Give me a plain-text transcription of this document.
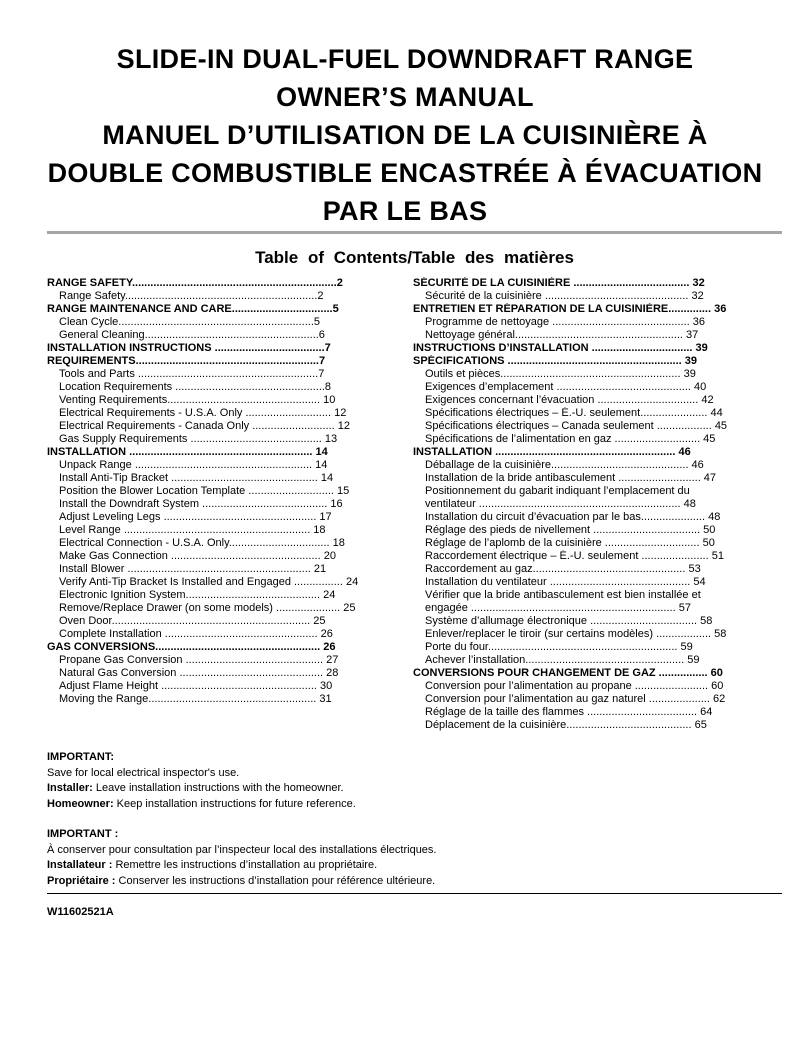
SLIDE-IN DUAL-FUEL DOWNDRAFT RANGE
OWNER’S MANUAL
MANUEL D’UTILISATION DE LA CUISINIÈRE À
DOUBLE COMBUSTIBLE ENCASTRÉE À ÉVACUATION
PAR LE BAS
Table of Contents/Table des matières
RANGE SAFETY...................................................................2
Range Safety...............................................................2
RANGE MAINTENANCE AND CARE.................................5
Clean Cycle................................................................5
General Cleaning.........................................................6
INSTALLATION INSTRUCTIONS ....................................7
REQUIREMENTS............................................................7
Tools and Parts ...........................................................7
Location Requirements .................................................8
Venting Requirements.................................................. 10
Electrical Requirements - U.S.A. Only ............................ 12
Electrical Requirements - Canada Only ........................... 12
Gas Supply Requirements ........................................... 13
INSTALLATION ............................................................ 14
Unpack Range .......................................................... 14
Install Anti-Tip Bracket ................................................ 14
Position the Blower Location Template ............................ 15
Install the Downdraft System ......................................... 16
Adjust Leveling Legs .................................................. 17
Level Range ............................................................. 18
Electrical Connection - U.S.A. Only................................. 18
Make Gas Connection ................................................. 20
Install Blower ............................................................ 21
Verify Anti-Tip Bracket Is Installed and Engaged ................ 24
Electronic Ignition System............................................ 24
Remove/Replace Drawer (on some models) ..................... 25
Oven Door................................................................. 25
Complete Installation .................................................. 26
GAS CONVERSIONS...................................................... 26
Propane Gas Conversion ............................................. 27
Natural Gas Conversion ............................................... 28
Adjust Flame Height ................................................... 30
Moving the Range....................................................... 31
SÉCURITÉ DE LA CUISINIÈRE ...................................... 32
Sécurité de la cuisinière ............................................... 32
ENTRETIEN ET RÉPARATION DE LA CUISINIÈRE.............. 36
Programme de nettoyage ............................................. 36
Nettoyage général....................................................... 37
INSTRUCTIONS D’INSTALLATION ................................. 39
SPÉCIFICATIONS ......................................................... 39
Outils et pièces........................................................... 39
Exigences d’emplacement ............................................ 40
Exigences concernant l’évacuation ................................. 42
Spécifications électriques – É.-U. seulement...................... 44
Spécifications électriques – Canada seulement .................. 45
Spécifications de l’alimentation en gaz ............................ 45
INSTALLATION ........................................................... 46
Déballage de la cuisinière............................................. 46
Installation de la bride antibasculement ........................... 47
Positionnement du gabarit indiquant l’emplacement du
ventilateur .................................................................. 48
Installation du circuit d’évacuation par le bas..................... 48
Réglage des pieds de nivellement ................................... 50
Réglage de l’aplomb de la cuisinière ............................... 50
Raccordement électrique – É.-U. seulement ...................... 51
Raccordement au gaz.................................................. 53
Installation du ventilateur .............................................. 54
Vérifier que la bride antibasculement est bien installée et
engagée ................................................................... 57
Système d’allumage électronique ................................... 58
Enlever/replacer le tiroir (sur certains modèles) .................. 58
Porte du four.............................................................. 59
Achever l’installation.................................................... 59
CONVERSIONS POUR CHANGEMENT DE GAZ ................ 60
Conversion pour l’alimentation au propane ........................ 60
Conversion pour l’alimentation au gaz naturel .................... 62
Réglage de la taille des flammes .................................... 64
Déplacement de la cuisinière......................................... 65
IMPORTANT:
Save for local electrical inspector's use.
Installer: Leave installation instructions with the homeowner.
Homeowner: Keep installation instructions for future reference.
IMPORTANT :
À conserver pour consultation par l’inspecteur local des installations électriques.
Installateur : Remettre les instructions d’installation au propriétaire.
Propriétaire : Conserver les instructions d’installation pour référence ultérieure.
W11602521A
